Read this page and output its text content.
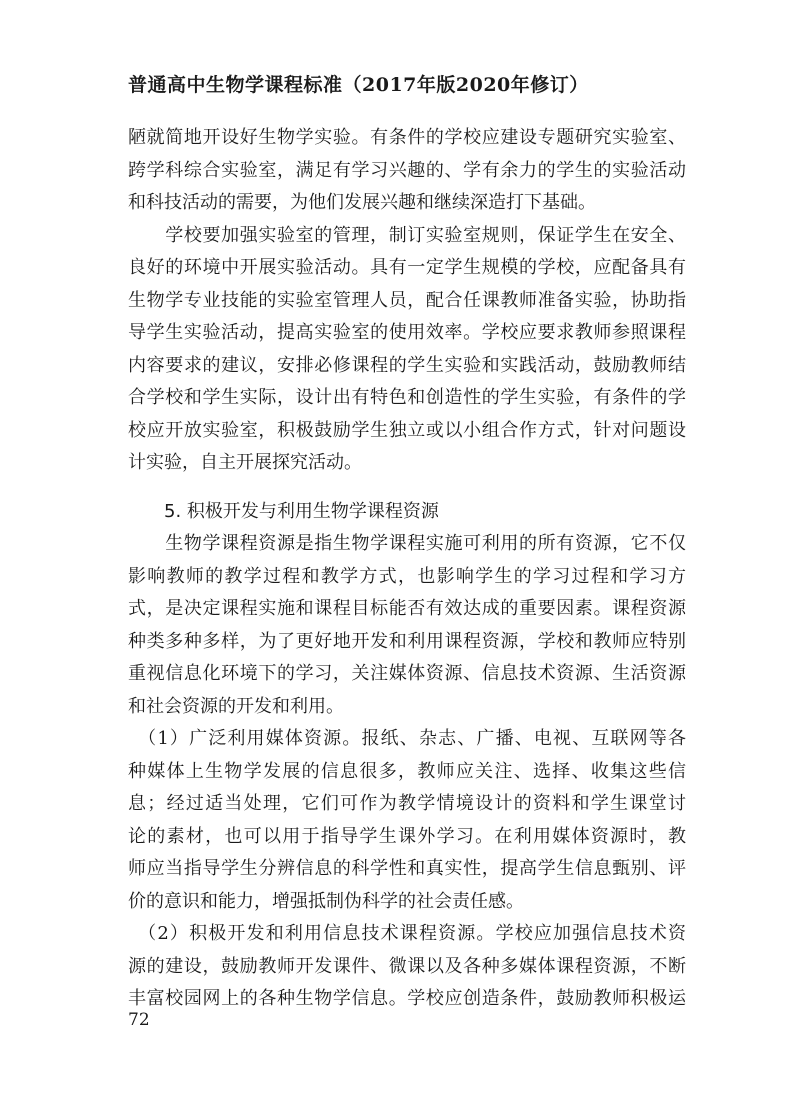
普通高中生物学课程标准（2017年版2020年修订）
陋就简地开设好生物学实验。有条件的学校应建设专题研究实验室、
跨学科综合实验室，满足有学习兴趣的、学有余力的学生的实验活动
和科技活动的需要，为他们发展兴趣和继续深造打下基础。
　　学校要加强实验室的管理，制订实验室规则，保证学生在安全、
良好的环境中开展实验活动。具有一定学生规模的学校，应配备具有
生物学专业技能的实验室管理人员，配合任课教师准备实验，协助指
导学生实验活动，提高实验室的使用效率。学校应要求教师参照课程
内容要求的建议，安排必修课程的学生实验和实践活动，鼓励教师结
合学校和学生实际，设计出有特色和创造性的学生实验，有条件的学
校应开放实验室，积极鼓励学生独立或以小组合作方式，针对问题设
计实验，自主开展探究活动。
5. 积极开发与利用生物学课程资源
　　生物学课程资源是指生物学课程实施可利用的所有资源，它不仅
影响教师的教学过程和教学方式，也影响学生的学习过程和学习方
式，是决定课程实施和课程目标能否有效达成的重要因素。课程资源
种类多种多样，为了更好地开发和利用课程资源，学校和教师应特别
重视信息化环境下的学习，关注媒体资源、信息技术资源、生活资源
和社会资源的开发和利用。
　（1）广泛利用媒体资源。报纸、杂志、广播、电视、互联网等各
种媒体上生物学发展的信息很多，教师应关注、选择、收集这些信
息；经过适当处理，它们可作为教学情境设计的资料和学生课堂讨
论的素材，也可以用于指导学生课外学习。在利用媒体资源时，教
师应当指导学生分辨信息的科学性和真实性，提高学生信息甄别、评
价的意识和能力，增强抵制伪科学的社会责任感。
　（2）积极开发和利用信息技术课程资源。学校应加强信息技术资
源的建设，鼓励教师开发课件、微课以及各种多媒体课程资源，不断
丰富校园网上的各种生物学信息。学校应创造条件，鼓励教师积极运
72
